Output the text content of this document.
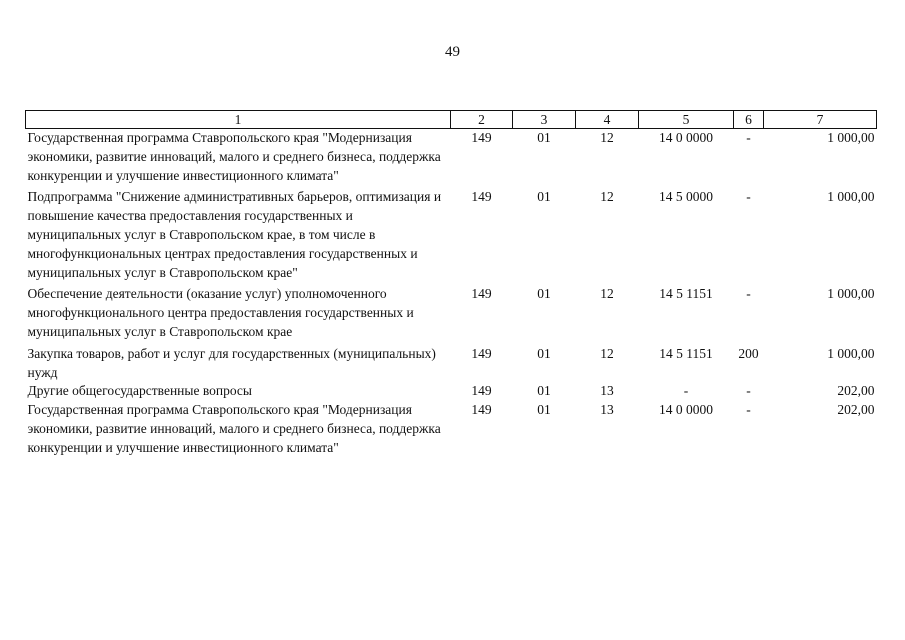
49
1	2	3	4	5	6	7
Государственная программа Ставропольского края "Модернизация экономики, развитие инноваций, малого и среднего бизнеса, поддержка конкуренции и улучшение инвестиционного климата"	149	01	12	14 0 0000	-	1 000,00
Подпрограмма "Снижение административных барьеров, оптимизация и повышение качества предоставления государственных и муниципальных услуг в Ставропольском крае, в том числе в многофункциональных центрах предоставления государственных и муниципальных услуг в Ставропольском крае"	149	01	12	14 5 0000	-	1 000,00
Обеспечение деятельности (оказание услуг) уполномоченного многофункционального центра предоставления государственных и муниципальных услуг в Ставропольском крае	149	01	12	14 5 1151	-	1 000,00
Закупка товаров, работ и услуг для государственных (муниципальных) нужд	149	01	12	14 5 1151	200	1 000,00
Другие общегосударственные вопросы	149	01	13	-	-	202,00
Государственная программа Ставропольского края "Модернизация экономики, развитие инноваций, малого и среднего бизнеса, поддержка конкуренции и улучшение инвестиционного климата"	149	01	13	14 0 0000	-	202,00
